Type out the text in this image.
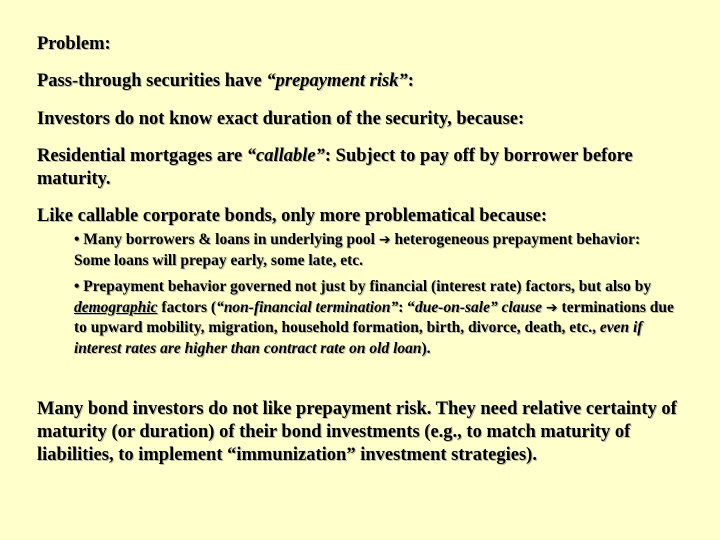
Problem:
Pass-through securities have “prepayment risk”:
Investors do not know exact duration of the security, because:
Residential mortgages are “callable”: Subject to pay off by borrower before maturity.
Like callable corporate bonds, only more problematical because:
• Many borrowers & loans in underlying pool ➔ heterogeneous prepayment behavior: Some loans will prepay early, some late, etc.
• Prepayment behavior governed not just by financial (interest rate) factors, but also by demographic factors (“non-financial termination”: “due-on-sale” clause ➔ terminations due to upward mobility, migration, household formation, birth, divorce, death, etc., even if interest rates are higher than contract rate on old loan).
Many bond investors do not like prepayment risk. They need relative certainty of maturity (or duration) of their bond investments (e.g., to match maturity of liabilities, to implement “immunization” investment strategies).
